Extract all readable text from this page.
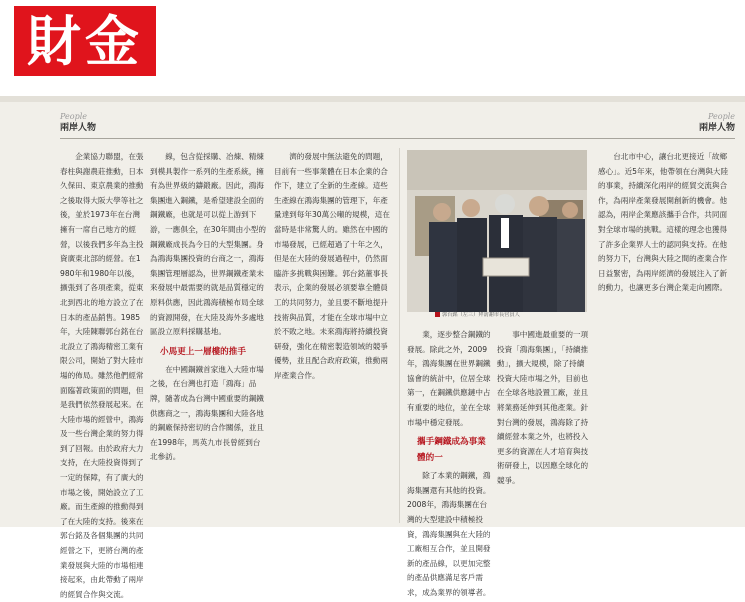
財金
People
兩岸人物
People
兩岸人物

企業協力聯盟，在張春柱與謝農莊推動，日本久保田、東京農業的推動之後取得大阪大學等社之後，並於1973年在台灣擁有一席自己地方的經營，以後我們多年為主投資廣東北部的經營。在1980年和1980年以後，擴張到了各項產業，從東北到西北的地方設立了在日本的產品銷售。1985年，大陸陳聯郭台銘在台北設立了鴻海精密工業有限公司，開始了對大陸市場的佈局。雖然他們經常面臨著政策面的問題，但是我們依然發展起來。在大陸市場的經營中，鴻海及一些台灣企業的努力得到了回報。由於政府大力支持，在大陸投資得到了一定的保障，有了廣大的市場之後，開始設立了工廠。而生產線的推動得到了在大陸的支持。後來在郭台銘及各個集團的共同經營之下，更將台灣的產業發展與大陸的市場相連接起來，由此帶動了兩岸的經貿合作與交流。

線，包含從採購、冶煉、精煉到模具製作一系列的生產系統，擁有為世界級的鑄鍛廠。因此，鴻海集團進入鋼鐵，是希望建設全面的鋼鐵廠，也就是可以從上游到下游，一應俱全，在30年間由小型的鋼鐵廠成長為今日的大型集團。身為鴻海集團投資的台商之一，鴻海集團管理層認為，世界鋼鐵產業未來發展中最需要的就是品質穩定的原料供應，因此鴻海積極布局全球的資源開發，在大陸及海外多處地區設立原料採購基地。

小馬更上一層樓的推手

在中國鋼鐵首家進入大陸市場之後，在台灣也打造「鴻海」品牌，隨著成為台灣中國重要的鋼鐵供應商之一，鴻海集團和大陸各地的鋼廠保持密切的合作關係，並且在1998年，馬英九市長曾經到台北參訪。

濟的發展中無法避免的問題，目前有一些事業體在日本企業的合作下，建立了全新的生產線。這些生產線在鴻海集團的管理下，年產量達到每年30萬公噸的規模，這在當時是非常驚人的。雖然在中國的市場發展，已經超過了十年之久，但是在大陸的發展過程中，仍然面臨許多挑戰與困難。郭台銘董事長表示，企業的發展必須要靠全體員工的共同努力，並且要不斷地提升技術與品質，才能在全球市場中立於不敗之地。未來鴻海將持續投資研發，強化在精密製造領域的競爭優勢，並且配合政府政策，推動兩岸產業合作。

郭台銘（左三）拜訪謝市長官員人

業，逐步整合鋼鐵的發展。除此之外，2009年，鴻海集團在世界鋼鐵協會的統計中，位居全球第一，在鋼鐵供應鏈中占有重要的地位，並在全球市場中穩定發展。

攜手鋼鐵成為事業體的一

除了本業的鋼鐵，鴻海集團還有其他的投資。2008年，鴻海集團在台灣的大型建設中積極投資，鴻海集團與在大陸的工廠相互合作，並且開發新的產品線，以更加完整的產品供應滿足客戶需求，成為業界的領導者。

事中國進最重要的一項投資「鴻海集團」，「持續推動」，擴大規模，除了持續投資大陸市場之外，目前也在全球各地設置工廠，並且將業務延伸到其他產業。針對台灣的發展，鴻海除了持續經營本業之外，也將投入更多的資源在人才培育與技術研發上，以因應全球化的競爭。

台北市中心，讓台北更接近「故鄉感心」。近5年來，他帶領在台灣與大陸的事業，持續深化兩岸的經貿交流與合作，為兩岸產業發展開創新的機會。他認為，兩岸企業應該攜手合作，共同面對全球市場的挑戰。這樣的理念也獲得了許多企業界人士的認同與支持。在他的努力下，台灣與大陸之間的產業合作日益緊密，為兩岸經濟的發展注入了新的動力，也讓更多台灣企業走向國際。
